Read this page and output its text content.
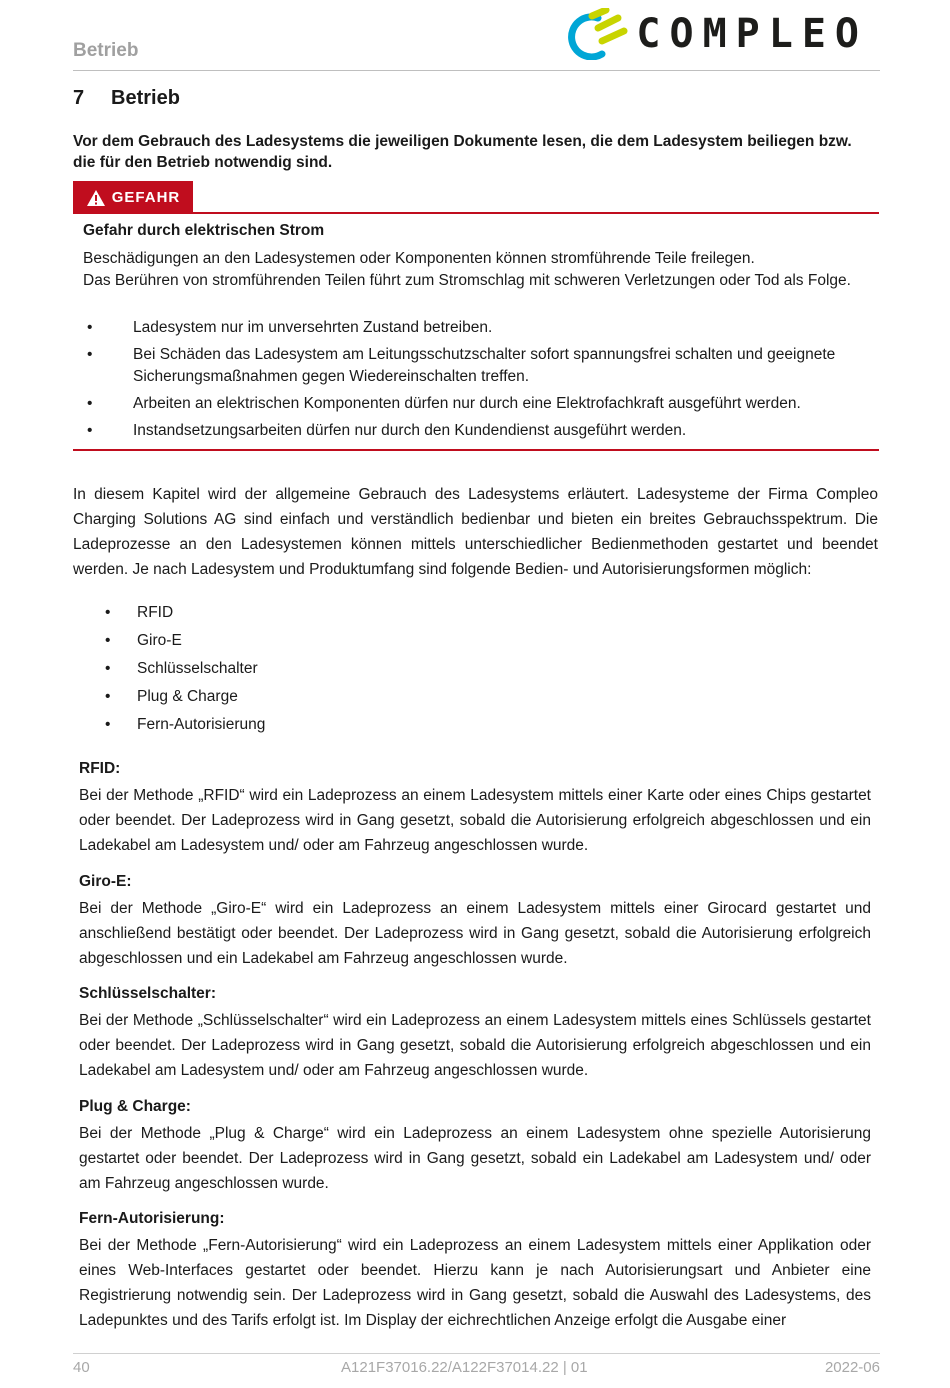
Betrieb	COMPLEO
7 Betrieb
Vor dem Gebrauch des Ladesystems die jeweiligen Dokumente lesen, die dem Ladesystem beiliegen bzw. die für den Betrieb notwendig sind.
GEFAHR
Gefahr durch elektrischen Strom
Beschädigungen an den Ladesystemen oder Komponenten können stromführende Teile freilegen.
Das Berühren von stromführenden Teilen führt zum Stromschlag mit schweren Verletzungen oder Tod als Folge.
•	Ladesystem nur im unversehrten Zustand betreiben.
•	Bei Schäden das Ladesystem am Leitungsschutzschalter sofort spannungsfrei schalten und geeignete Sicherungsmaßnahmen gegen Wiedereinschalten treffen.
•	Arbeiten an elektrischen Komponenten dürfen nur durch eine Elektrofachkraft ausgeführt werden.
•	Instandsetzungsarbeiten dürfen nur durch den Kundendienst ausgeführt werden.
In diesem Kapitel wird der allgemeine Gebrauch des Ladesystems erläutert. Ladesysteme der Firma Compleo Charging Solutions AG sind einfach und verständlich bedienbar und bieten ein breites Gebrauchsspektrum. Die Ladeprozesse an den Ladesystemen können mittels unterschiedlicher Bedienmethoden gestartet und beendet werden. Je nach Ladesystem und Produktumfang sind folgende Bedien- und Autorisierungsformen möglich:
• RFID
• Giro-E
• Schlüsselschalter
• Plug & Charge
• Fern-Autorisierung
RFID:
Bei der Methode „RFID“ wird ein Ladeprozess an einem Ladesystem mittels einer Karte oder eines Chips gestartet oder beendet. Der Ladeprozess wird in Gang gesetzt, sobald die Autorisierung erfolgreich abgeschlossen und ein Ladekabel am Ladesystem und/ oder am Fahrzeug angeschlossen wurde.
Giro-E:
Bei der Methode „Giro-E“ wird ein Ladeprozess an einem Ladesystem mittels einer Girocard gestartet und anschließend bestätigt oder beendet. Der Ladeprozess wird in Gang gesetzt, sobald die Autorisierung erfolgreich abgeschlossen und ein Ladekabel am Fahrzeug angeschlossen wurde.
Schlüsselschalter:
Bei der Methode „Schlüsselschalter“ wird ein Ladeprozess an einem Ladesystem mittels eines Schlüssels gestartet oder beendet. Der Ladeprozess wird in Gang gesetzt, sobald die Autorisierung erfolgreich abgeschlossen und ein Ladekabel am Ladesystem und/ oder am Fahrzeug angeschlossen wurde.
Plug & Charge:
Bei der Methode „Plug & Charge“ wird ein Ladeprozess an einem Ladesystem ohne spezielle Autorisierung gestartet oder beendet. Der Ladeprozess wird in Gang gesetzt, sobald ein Ladekabel am Ladesystem und/ oder am Fahrzeug angeschlossen wurde.
Fern-Autorisierung:
Bei der Methode „Fern-Autorisierung“ wird ein Ladeprozess an einem Ladesystem mittels einer Applikation oder eines Web-Interfaces gestartet oder beendet. Hierzu kann je nach Autorisierungsart und Anbieter eine Registrierung notwendig sein. Der Ladeprozess wird in Gang gesetzt, sobald die Auswahl des Ladesystems, des Ladepunktes und des Tarifs erfolgt ist. Im Display der eichrechtlichen Anzeige erfolgt die Ausgabe einer
40	A121F37016.22/A122F37014.22 | 01	2022-06
